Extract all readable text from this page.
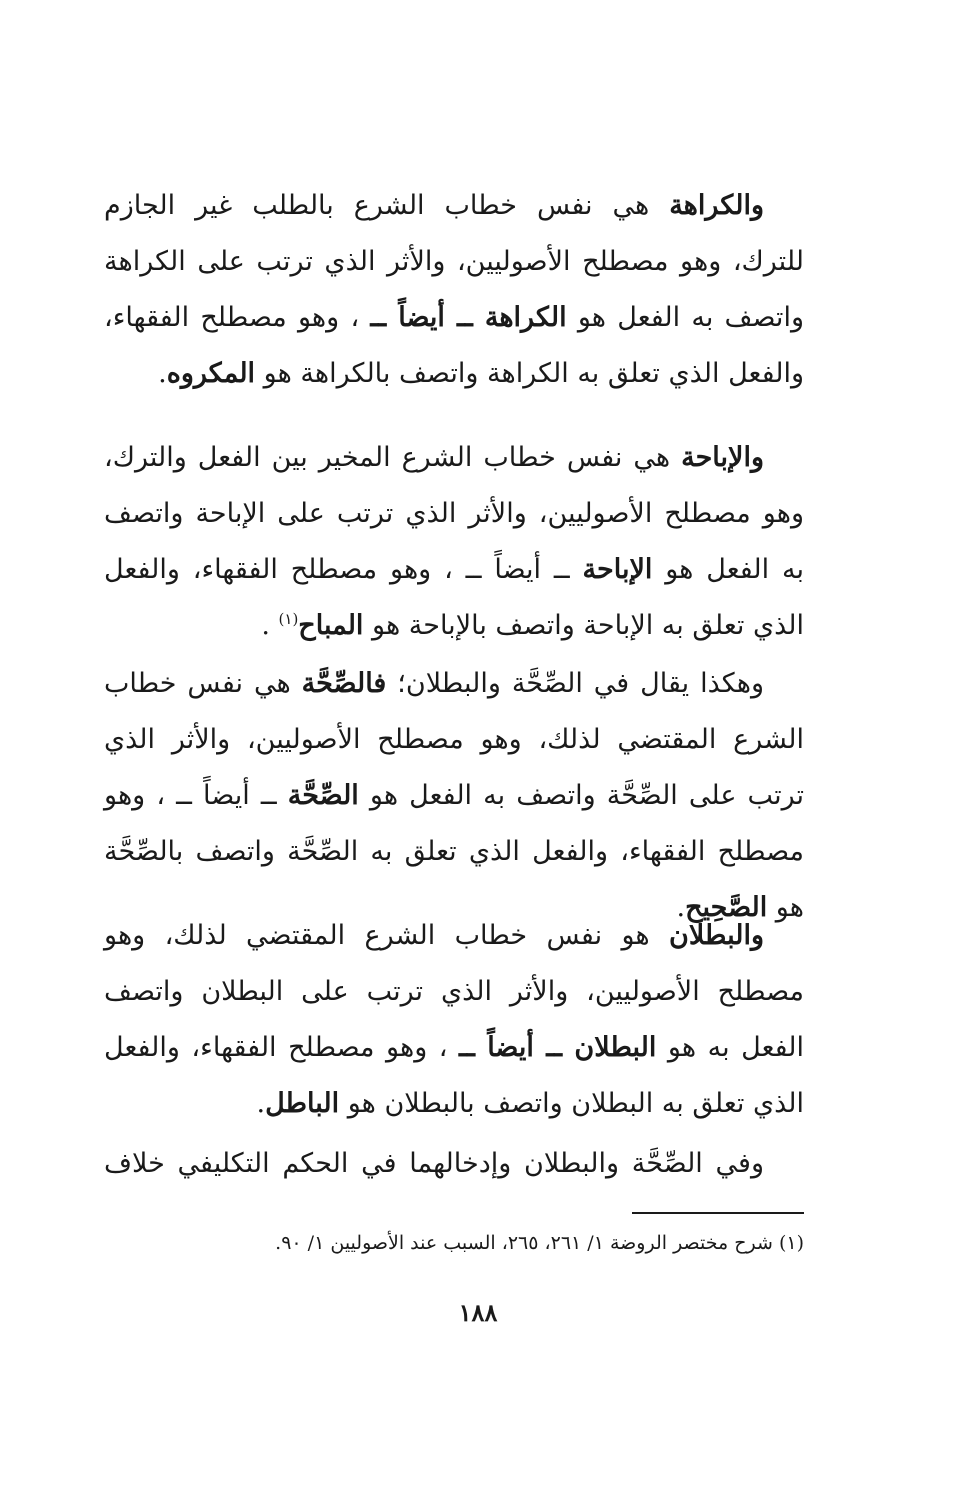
والكراهة هي نفس خطاب الشرع بالطلب غير الجازم للترك، وهو مصطلح الأصوليين، والأثر الذي ترتب على الكراهة واتصف به الفعل هو الكراهة ــ أيضاً ــ ، وهو مصطلح الفقهاء، والفعل الذي تعلق به الكراهة واتصف بالكراهة هو المكروه.

والإباحة هي نفس خطاب الشرع المخير بين الفعل والترك، وهو مصطلح الأصوليين، والأثر الذي ترتب على الإباحة واتصف به الفعل هو الإباحة ــ أيضاً ــ ، وهو مصطلح الفقهاء، والفعل الذي تعلق به الإباحة واتصف بالإباحة هو المباح$^{(١)}$ .

وهكذا يقال في الصِّحَّة والبطلان؛ فالصِّحَّة هي نفس خطاب الشرع المقتضي لذلك، وهو مصطلح الأصوليين، والأثر الذي ترتب على الصِّحَّة واتصف به الفعل هو الصِّحَّة ــ أيضاً ــ ، وهو مصطلح الفقهاء، والفعل الذي تعلق به الصِّحَّة واتصف بالصِّحَّة هو الصَّحِيح.

والبطلان هو نفس خطاب الشرع المقتضي لذلك، وهو مصطلح الأصوليين، والأثر الذي ترتب على البطلان واتصف الفعل به هو البطلان ــ أيضاً ــ ، وهو مصطلح الفقهاء، والفعل الذي تعلق به البطلان واتصف بالبطلان هو الباطل.

وفي الصِّحَّة والبطلان وإدخالهما في الحكم التكليفي خلاف

(١) شرح مختصر الروضة ١/ ٢٦١، ٢٦٥، السبب عند الأصوليين ١/ ٩٠.
١٨٨
